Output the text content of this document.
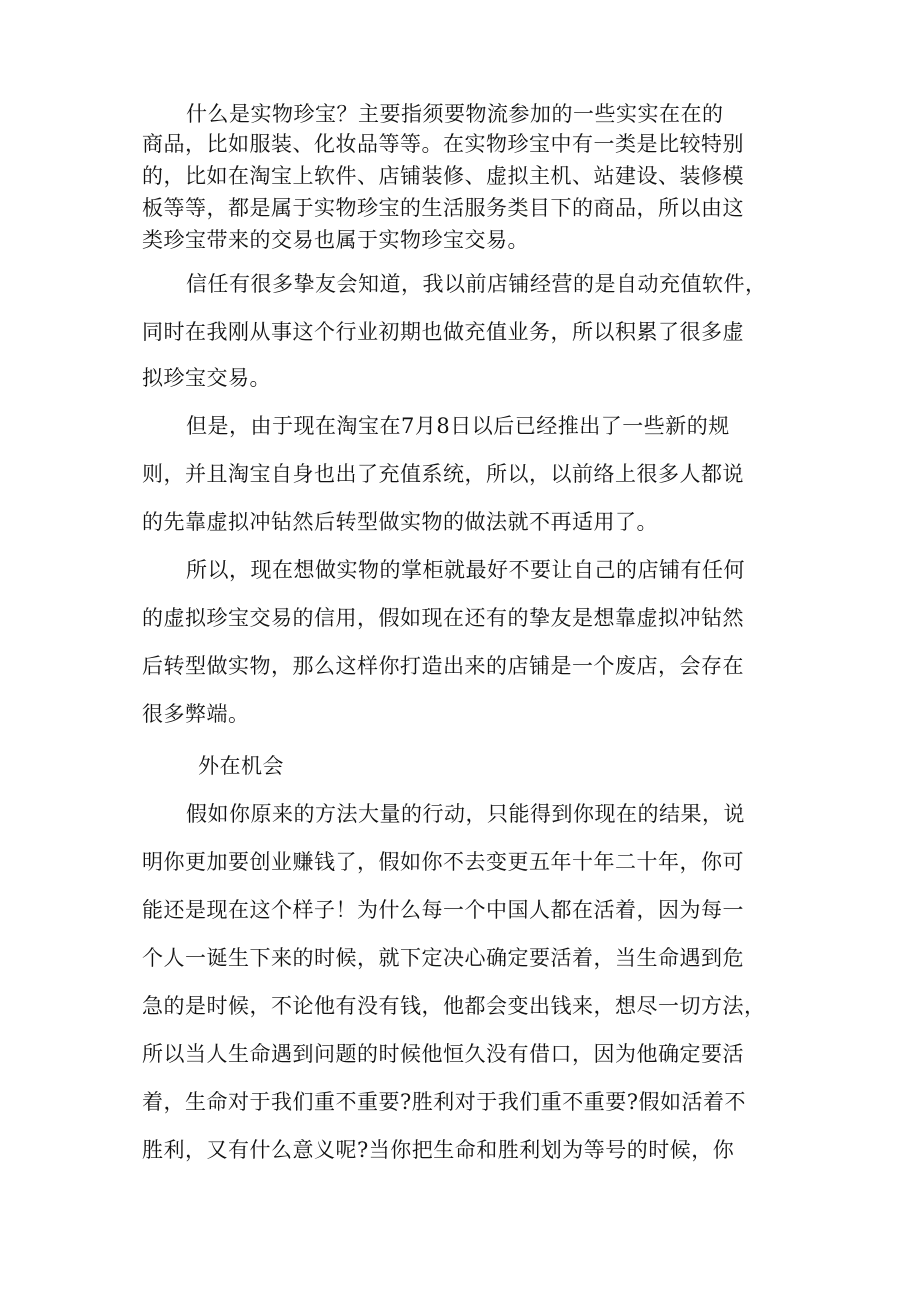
什么是实物珍宝？主要指须要物流参加的一些实实在在的
商品，比如服装、化妆品等等。在实物珍宝中有一类是比较特别
的，比如在淘宝上软件、店铺装修、虚拟主机、站建设、装修模
板等等，都是属于实物珍宝的生活服务类目下的商品，所以由这
类珍宝带来的交易也属于实物珍宝交易。
信任有很多挚友会知道，我以前店铺经营的是自动充值软件，
同时在我刚从事这个行业初期也做充值业务，所以积累了很多虚
拟珍宝交易。
但是，由于现在淘宝在7月8日以后已经推出了一些新的规
则，并且淘宝自身也出了充值系统，所以，以前络上很多人都说
的先靠虚拟冲钻然后转型做实物的做法就不再适用了。
所以，现在想做实物的掌柜就最好不要让自己的店铺有任何
的虚拟珍宝交易的信用，假如现在还有的挚友是想靠虚拟冲钻然
后转型做实物，那么这样你打造出来的店铺是一个废店，会存在
很多弊端。
外在机会
假如你原来的方法大量的行动，只能得到你现在的结果，说
明你更加要创业赚钱了，假如你不去变更五年十年二十年，你可
能还是现在这个样子！为什么每一个中国人都在活着，因为每一
个人一诞生下来的时候，就下定决心确定要活着，当生命遇到危
急的是时候，不论他有没有钱，他都会变出钱来，想尽一切方法，
所以当人生命遇到问题的时候他恒久没有借口，因为他确定要活
着，生命对于我们重不重要?胜利对于我们重不重要?假如活着不
胜利，又有什么意义呢?当你把生命和胜利划为等号的时候，你
